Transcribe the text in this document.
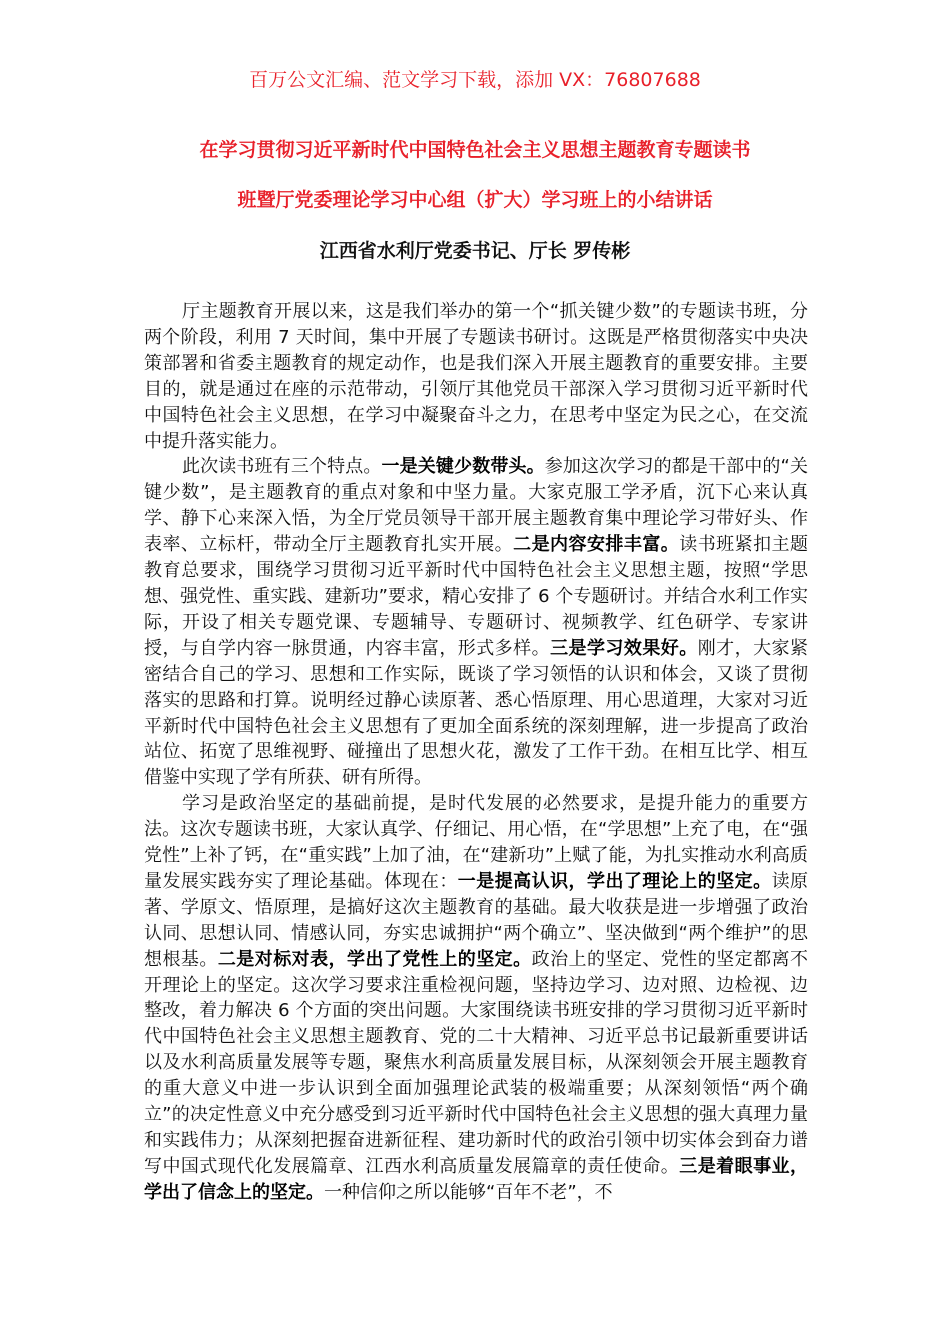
百万公文汇编、范文学习下载，添加 VX：76807688
在学习贯彻习近平新时代中国特色社会主义思想主题教育专题读书
班暨厅党委理论学习中心组（扩大）学习班上的小结讲话
江西省水利厅党委书记、厅长 罗传彬

厅主题教育开展以来，这是我们举办的第一个“抓关键少数”的专题读书班，分两个阶段，利用 7 天时间，集中开展了专题读书研讨。这既是严格贯彻落实中央决策部署和省委主题教育的规定动作，也是我们深入开展主题教育的重要安排。主要目的，就是通过在座的示范带动，引领厅其他党员干部深入学习贯彻习近平新时代中国特色社会主义思想，在学习中凝聚奋斗之力，在思考中坚定为民之心，在交流中提升落实能力。

此次读书班有三个特点。一是关键少数带头。参加这次学习的都是干部中的“关键少数”，是主题教育的重点对象和中坚力量。大家克服工学矛盾，沉下心来认真学、静下心来深入悟，为全厅党员领导干部开展主题教育集中理论学习带好头、作表率、立标杆，带动全厅主题教育扎实开展。二是内容安排丰富。读书班紧扣主题教育总要求，围绕学习贯彻习近平新时代中国特色社会主义思想主题，按照“学思想、强党性、重实践、建新功”要求，精心安排了 6 个专题研讨。并结合水利工作实际，开设了相关专题党课、专题辅导、专题研讨、视频教学、红色研学、专家讲授，与自学内容一脉贯通，内容丰富，形式多样。三是学习效果好。刚才，大家紧密结合自己的学习、思想和工作实际，既谈了学习领悟的认识和体会，又谈了贯彻落实的思路和打算。说明经过静心读原著、悉心悟原理、用心思道理，大家对习近平新时代中国特色社会主义思想有了更加全面系统的深刻理解，进一步提高了政治站位、拓宽了思维视野、碰撞出了思想火花，激发了工作干劲。在相互比学、相互借鉴中实现了学有所获、研有所得。

学习是政治坚定的基础前提，是时代发展的必然要求，是提升能力的重要方法。这次专题读书班，大家认真学、仔细记、用心悟，在“学思想”上充了电，在“强党性”上补了钙，在“重实践”上加了油，在“建新功”上赋了能，为扎实推动水利高质量发展实践夯实了理论基础。体现在：一是提高认识，学出了理论上的坚定。读原著、学原文、悟原理，是搞好这次主题教育的基础。最大收获是进一步增强了政治认同、思想认同、情感认同，夯实忠诚拥护“两个确立”、坚决做到“两个维护”的思想根基。二是对标对表，学出了党性上的坚定。政治上的坚定、党性的坚定都离不开理论上的坚定。这次学习要求注重检视问题，坚持边学习、边对照、边检视、边整改，着力解决 6 个方面的突出问题。大家围绕读书班安排的学习贯彻习近平新时代中国特色社会主义思想主题教育、党的二十大精神、习近平总书记最新重要讲话以及水利高质量发展等专题，聚焦水利高质量发展目标，从深刻领会开展主题教育的重大意义中进一步认识到全面加强理论武装的极端重要；从深刻领悟“两个确立”的决定性意义中充分感受到习近平新时代中国特色社会主义思想的强大真理力量和实践伟力；从深刻把握奋进新征程、建功新时代的政治引领中切实体会到奋力谱写中国式现代化发展篇章、江西水利高质量发展篇章的责任使命。三是着眼事业，学出了信念上的坚定。一种信仰之所以能够“百年不老”，不
